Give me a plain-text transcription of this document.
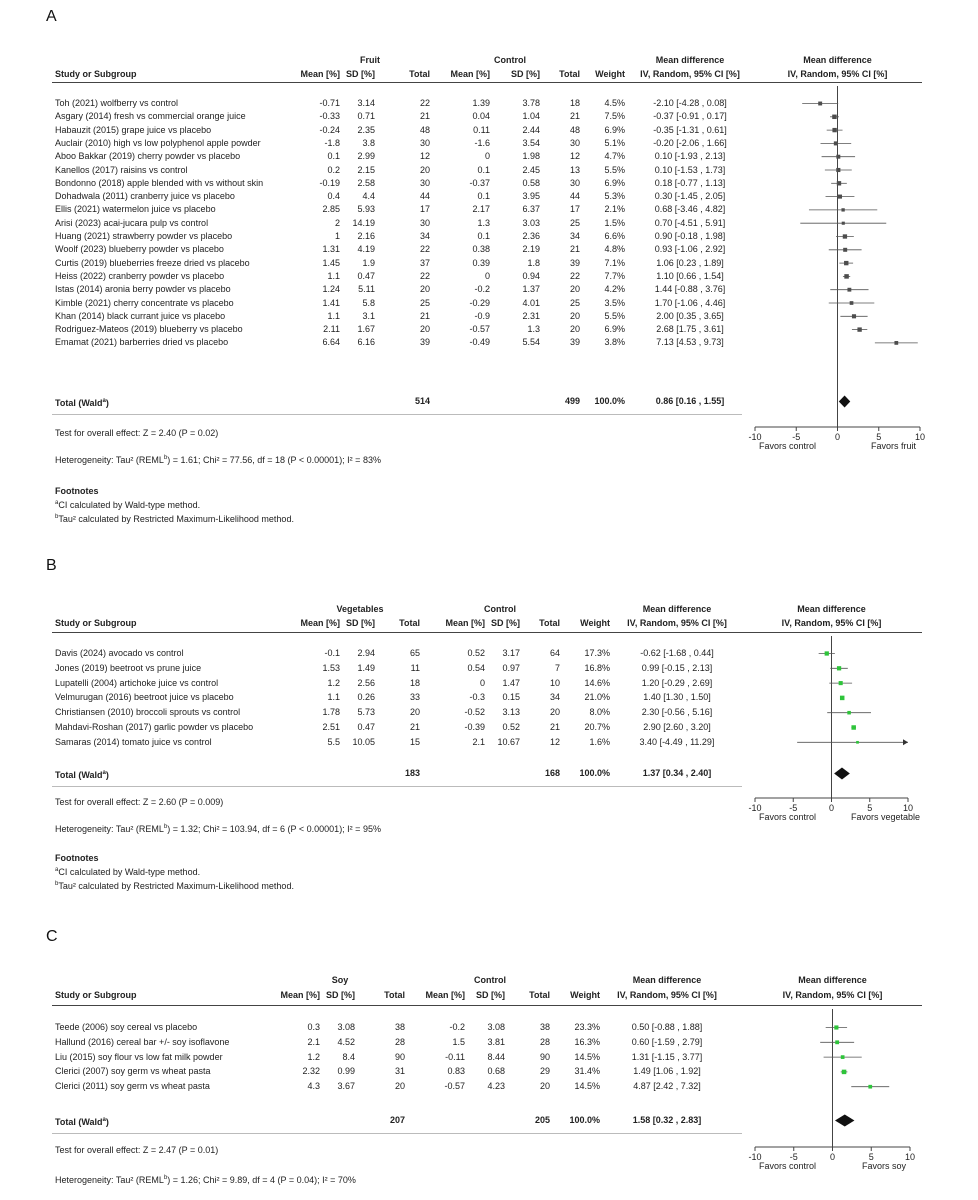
A
Fruit	Control	Mean difference	Mean difference
Study or Subgroup	Mean [%] SD [%]	Total	Mean [%]	SD [%]	Total	Weight	IV, Random, 95% CI [%]	IV, Random, 95% CI [%]
-10	-5	0	5	10
Favors control	Favors fruit
Toh (2021) wolfberry vs control	-0.71	3.14	22	1.39	3.78	18	4.5%	-2.10 [-4.28 , 0.08]
Asgary (2014) fresh vs commercial orange juice	-0.33	0.71	21	0.04	1.04	21	7.5%	-0.37 [-0.91 , 0.17]
Habauzit (2015) grape juice vs placebo	-0.24	2.35	48	0.11	2.44	48	6.9%	-0.35 [-1.31 , 0.61]
Auclair (2010) high vs low polyphenol apple powder	-1.8	3.8	30	-1.6	3.54	30	5.1%	-0.20 [-2.06 , 1.66]
Aboo Bakkar (2019) cherry powder vs placebo	0.1	2.99	12	0	1.98	12	4.7%	0.10 [-1.93 , 2.13]
Kanellos (2017) raisins vs control	0.2	2.15	20	0.1	2.45	13	5.5%	0.10 [-1.53 , 1.73]
Bondonno (2018) apple blended with vs without skin	-0.19	2.58	30	-0.37	0.58	30	6.9%	0.18 [-0.77 , 1.13]
Dohadwala (2011) cranberry juice vs placebo	0.4	4.4	44	0.1	3.95	44	5.3%	0.30 [-1.45 , 2.05]
Ellis (2021) watermelon juice vs placebo	2.85	5.93	17	2.17	6.37	17	2.1%	0.68 [-3.46 , 4.82]
Arisi (2023) acai-jucara pulp vs control	2	14.19	30	1.3	3.03	25	1.5%	0.70 [-4.51 , 5.91]
Huang (2021) strawberry powder vs placebo	1	2.16	34	0.1	2.36	34	6.6%	0.90 [-0.18 , 1.98]
Woolf (2023) blueberry powder vs placebo	1.31	4.19	22	0.38	2.19	21	4.8%	0.93 [-1.06 , 2.92]
Curtis (2019) blueberries freeze dried vs placebo	1.45	1.9	37	0.39	1.8	39	7.1%	1.06 [0.23 , 1.89]
Heiss (2022) cranberry powder vs placebo	1.1	0.47	22	0	0.94	22	7.7%	1.10 [0.66 , 1.54]
Istas (2014) aronia berry powder vs placebo	1.24	5.11	20	-0.2	1.37	20	4.2%	1.44 [-0.88 , 3.76]
Kimble (2021) cherry concentrate vs placebo	1.41	5.8	25	-0.29	4.01	25	3.5%	1.70 [-1.06 , 4.46]
Khan (2014) black currant juice vs placebo	1.1	3.1	21	-0.9	2.31	20	5.5%	2.00 [0.35 , 3.65]
Rodriguez-Mateos (2019) blueberry vs placebo	2.11	1.67	20	-0.57	1.3	20	6.9%	2.68 [1.75 , 3.61]
Emamat (2021) barberries dried vs placebo	6.64	6.16	39	-0.49	5.54	39	3.8%	7.13 [4.53 , 9.73]
Total (Wald$^a$)	514	499	100.0%	0.86 [0.16 , 1.55]
Test for overall effect: Z = 2.40 (P = 0.02)
Heterogeneity: Tau² $(REML^b) = 1.61$; Chi² = 77.56, df = 18 (P < 0.00001); I² = 83%
Footnotes
$^a$CI calculated by Wald-type method.
$^b$Tau² calculated by Restricted Maximum-Likelihood method.
B
Vegetables	Control	Mean difference	Mean difference
Study or Subgroup	Mean [%] SD [%]	Total	Mean [%] SD [%]	Total	Weight	IV, Random, 95% CI [%]	IV, Random, 95% CI [%]
-10	-5	0	5	10
Favors control	Favors vegetable
Davis (2024) avocado vs control	-0.1	2.94	65	0.52	3.17	64	17.3%	-0.62 [-1.68 , 0.44]
Jones (2019) beetroot vs prune juice	1.53	1.49	11	0.54	0.97	7	16.8%	0.99 [-0.15 , 2.13]
Lupatelli (2004) artichoke juice vs control	1.2	2.56	18	0	1.47	10	14.6%	1.20 [-0.29 , 2.69]
Velmurugan (2016) beetroot juice vs placebo	1.1	0.26	33	-0.3	0.15	34	21.0%	1.40 [1.30 , 1.50]
Christiansen (2010) broccoli sprouts vs control	1.78	5.73	20	-0.52	3.13	20	8.0%	2.30 [-0.56 , 5.16]
Mahdavi-Roshan (2017) garlic powder vs placebo	2.51	0.47	21	-0.39	0.52	21	20.7%	2.90 [2.60 , 3.20]
Samaras (2014) tomato juice vs control	5.5	10.05	15	2.1	10.67	12	1.6%	3.40 [-4.49 , 11.29]
Total (Wald$^a$)	183	168	100.0%	1.37 [0.34 , 2.40]
Test for overall effect: Z = 2.60 (P = 0.009)
Heterogeneity: Tau² $(REML^b) = 1.32$; Chi² = 103.94, df = 6 (P < 0.00001); I² = 95%
Footnotes
$^a$CI calculated by Wald-type method.
$^b$Tau² calculated by Restricted Maximum-Likelihood method.
C
Soy	Control	Mean difference	Mean difference
Study or Subgroup	Mean [%] SD [%]	Total	Mean [%]	SD [%]	Total	Weight	IV, Random, 95% CI [%]	IV, Random, 95% CI [%]
-10	-5	0	5	10
Favors control	Favors soy
Teede (2006) soy cereal vs placebo	0.3	3.08	38	-0.2	3.08	38	23.3%	0.50 [-0.88 , 1.88]
Hallund (2016) cereal bar +/- soy isoflavone	2.1	4.52	28	1.5	3.81	28	16.3%	0.60 [-1.59 , 2.79]
Liu (2015) soy flour vs low fat milk powder	1.2	8.4	90	-0.11	8.44	90	14.5%	1.31 [-1.15 , 3.77]
Clerici (2007) soy germ vs wheat pasta	2.32	0.99	31	0.83	0.68	29	31.4%	1.49 [1.06 , 1.92]
Clerici (2011) soy germ vs wheat pasta	4.3	3.67	20	-0.57	4.23	20	14.5%	4.87 [2.42 , 7.32]
Total (Wald$^a$)	207	205	100.0%	1.58 [0.32 , 2.83]
Test for overall effect: Z = 2.47 (P = 0.01)
Heterogeneity: Tau² $(REML^b) = 1.26$; Chi² = 9.89, df = 4 (P = 0.04); I² = 70%
